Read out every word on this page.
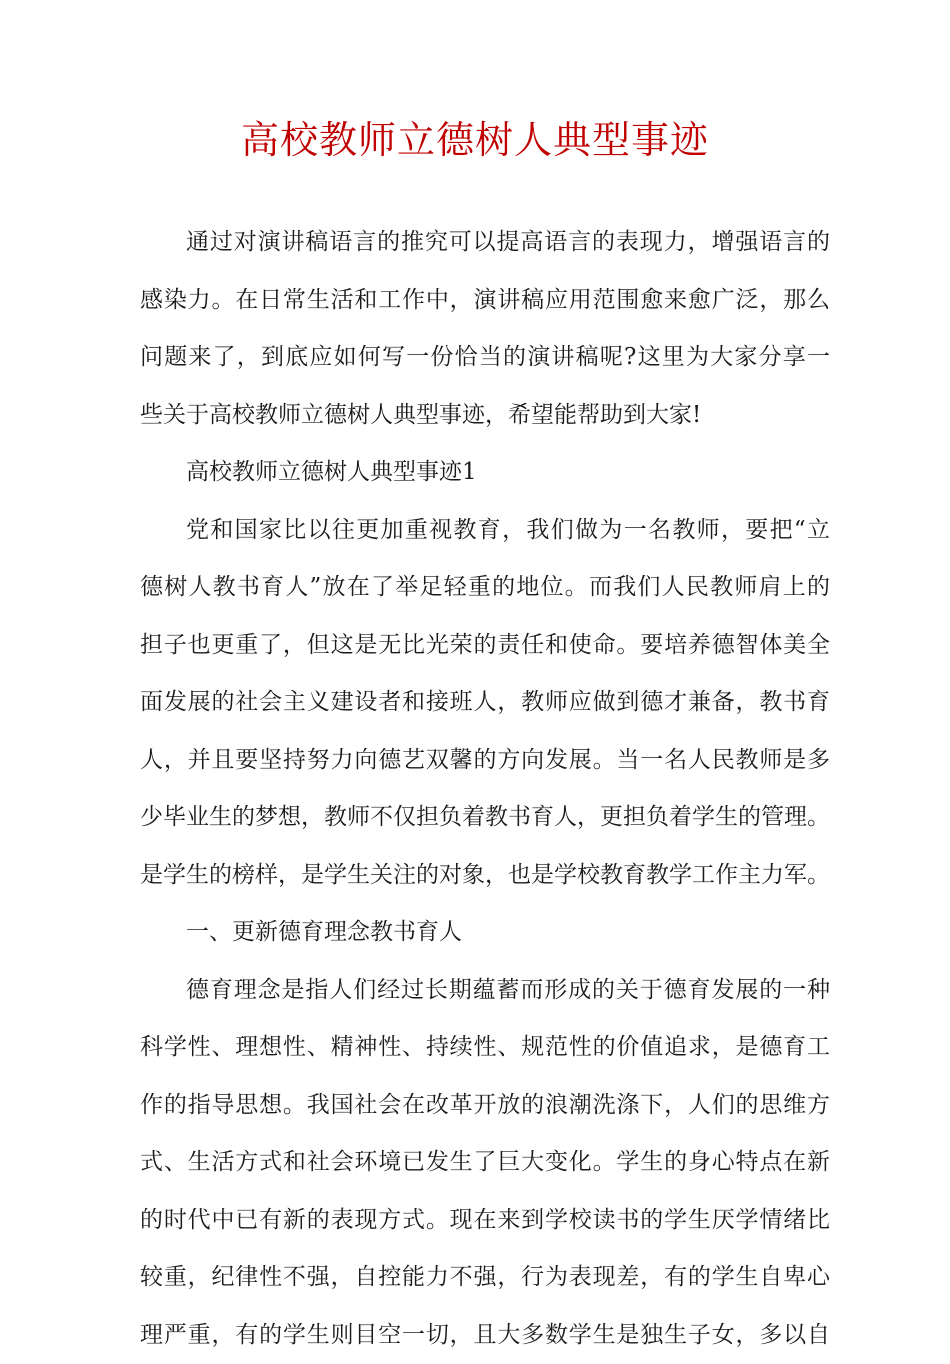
高校教师立德树人典型事迹
通过对演讲稿语言的推究可以提高语言的表现力，增强语言的
感染力。在日常生活和工作中，演讲稿应用范围愈来愈广泛，那么
问题来了，到底应如何写一份恰当的演讲稿呢?这里为大家分享一
些关于高校教师立德树人典型事迹，希望能帮助到大家!
高校教师立德树人典型事迹1
党和国家比以往更加重视教育，我们做为一名教师，要把“立
德树人教书育人”放在了举足轻重的地位。而我们人民教师肩上的
担子也更重了，但这是无比光荣的责任和使命。要培养德智体美全
面发展的社会主义建设者和接班人，教师应做到德才兼备，教书育
人，并且要坚持努力向德艺双馨的方向发展。当一名人民教师是多
少毕业生的梦想，教师不仅担负着教书育人，更担负着学生的管理。
是学生的榜样，是学生关注的对象，也是学校教育教学工作主力军。
一、更新德育理念教书育人
德育理念是指人们经过长期蕴蓄而形成的关于德育发展的一种
科学性、理想性、精神性、持续性、规范性的价值追求，是德育工
作的指导思想。我国社会在改革开放的浪潮洗涤下，人们的思维方
式、生活方式和社会环境已发生了巨大变化。学生的身心特点在新
的时代中已有新的表现方式。现在来到学校读书的学生厌学情绪比
较重，纪律性不强，自控能力不强，行为表现差，有的学生自卑心
理严重，有的学生则目空一切，且大多数学生是独生子女，多以自
